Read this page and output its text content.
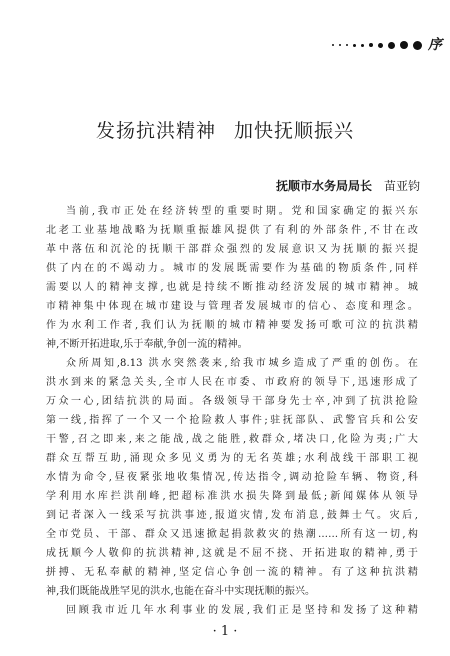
序
发扬抗洪精神 加快抚顺振兴
抚顺市水务局局长 苗亚钧
当前,我市正处在经济转型的重要时期。党和国家确定的振兴东
北老工业基地战略为抚顺重振雄风提供了有利的外部条件,不甘在改
革中落伍和沉沦的抚顺干部群众强烈的发展意识又为抚顺的振兴提
供了内在的不竭动力。城市的发展既需要作为基础的物质条件,同样
需要以人的精神支撑,也就是持续不断推动经济发展的城市精神。城
市精神集中体现在城市建设与管理者发展城市的信心、态度和理念。
作为水利工作者,我们认为抚顺的城市精神要发扬可歌可泣的抗洪精
神,不断开拓进取,乐于奉献,争创一流的精神。
众所周知,8.13 洪水突然袭来,给我市城乡造成了严重的创伤。在
洪水到来的紧急关头,全市人民在市委、市政府的领导下,迅速形成了
万众一心,团结抗洪的局面。各级领导干部身先士卒,冲到了抗洪抢险
第一线,指挥了一个又一个抢险救人事件;驻抚部队、武警官兵和公安
干警,召之即来,来之能战,战之能胜,救群众,堵决口,化险为夷;广大
群众互帮互助,涌现众多见义勇为的无名英雄;水利战线干部职工视
水情为命令,昼夜紧张地收集情况,传达指令,调动抢险车辆、物资,科
学利用水库拦洪削峰,把超标准洪水损失降到最低;新闻媒体从领导
到记者深入一线采写抗洪事迹,报道灾情,发布消息,鼓舞士气。灾后,
全市党员、干部、群众又迅速掀起捐款救灾的热潮……所有这一切,构
成抚顺今人敬仰的抗洪精神,这就是不屈不挠、开拓进取的精神,勇于
拼搏、无私奉献的精神,坚定信心争创一流的精神。有了这种抗洪精
神,我们既能战胜罕见的洪水,也能在奋斗中实现抚顺的振兴。
回顾我市近几年水利事业的发展,我们正是坚持和发扬了这种精
· 1 ·
